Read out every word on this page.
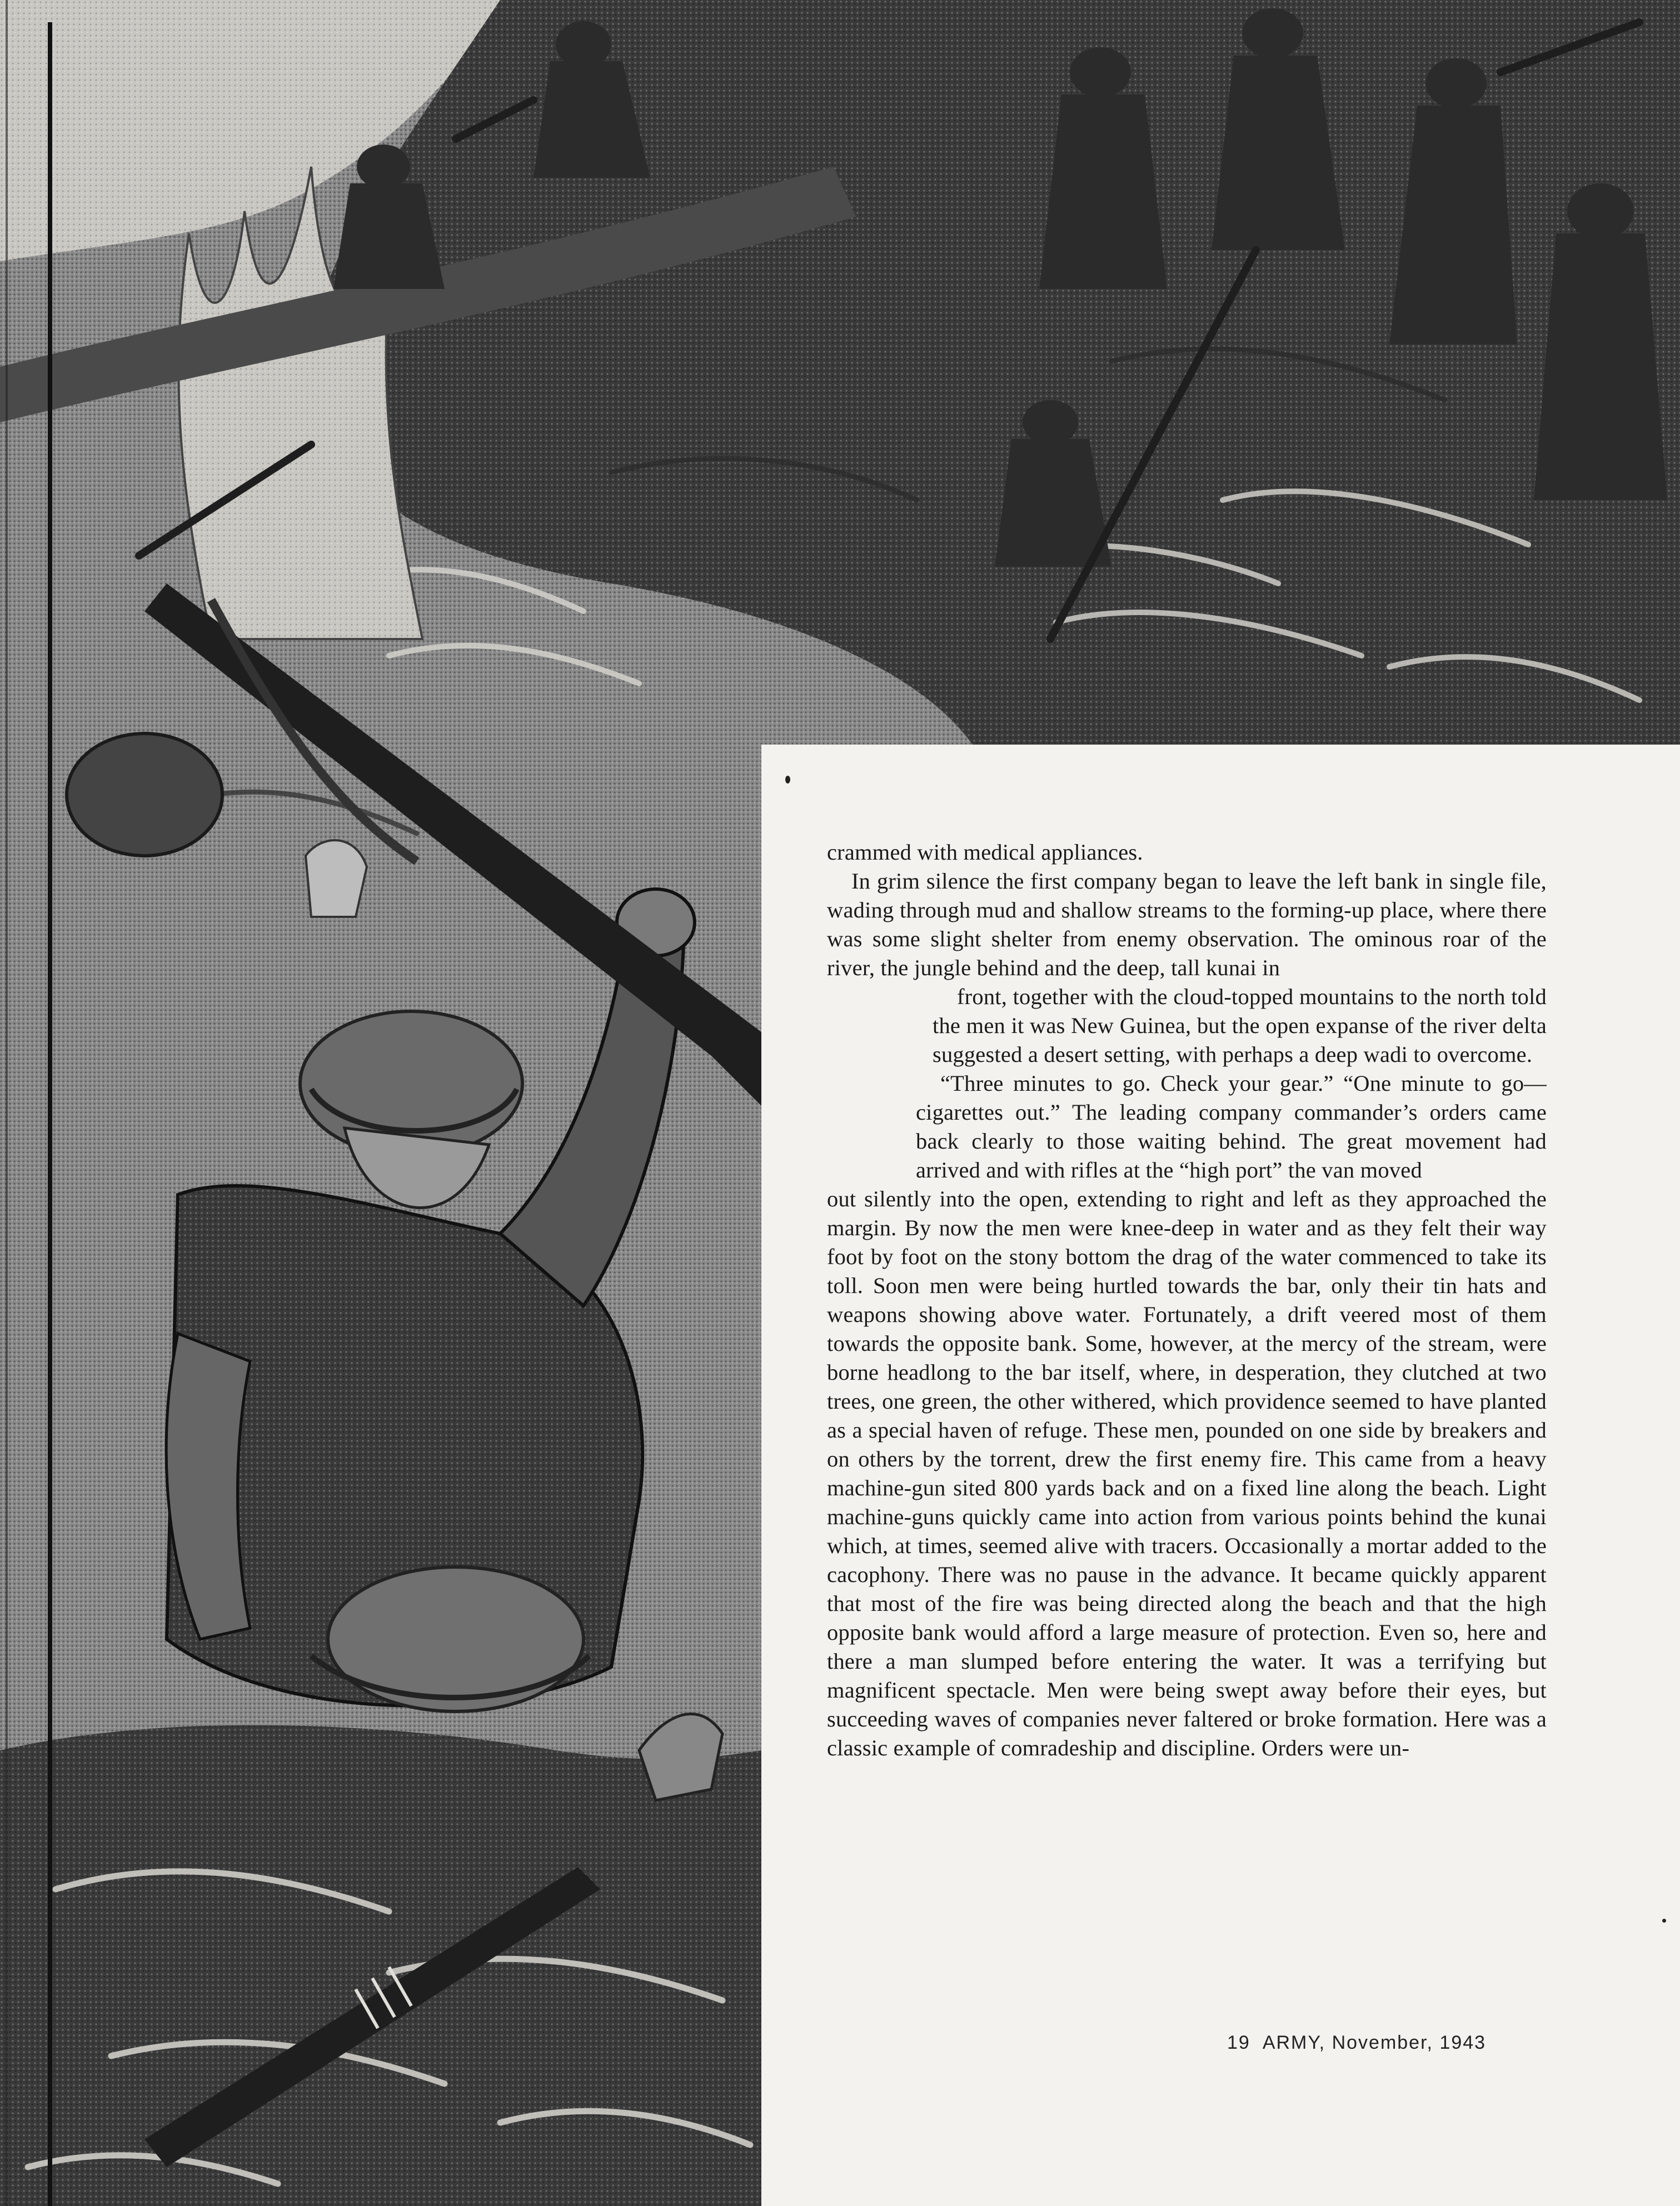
crammed with medical appliances.

In grim silence the first company began to leave the left bank in single file, wading through mud and shallow streams to the forming-up place, where there was some slight shelter from enemy observation. The ominous roar of the river, the jungle behind and the deep, tall kunai in
front, together with the cloud-topped mountains to the north told the men it was New Guinea, but the open expanse of the river delta suggested a desert setting, with perhaps a deep wadi to overcome.

“Three minutes to go. Check your gear.” “One minute to go—cigarettes out.” The leading company commander’s orders came back clearly to those waiting behind. The great movement had arrived and with rifles at the “high port” the van moved
out silently into the open, extending to right and left as they approached the margin. By now the men were knee-deep in water and as they felt their way foot by foot on the stony bottom the drag of the water commenced to take its toll. Soon men were being hurtled towards the bar, only their tin hats and weapons showing above water. Fortunately, a drift veered most of them towards the opposite bank. Some, however, at the mercy of the stream, were borne headlong to the bar itself, where, in desperation, they clutched at two trees, one green, the other withered, which providence seemed to have planted as a special haven of refuge. These men, pounded on one side by breakers and on others by the torrent, drew the first enemy fire. This came from a heavy machine-gun sited 800 yards back and on a fixed line along the beach. Light machine-guns quickly came into action from various points behind the kunai which, at times, seemed alive with tracers. Occasionally a mortar added to the cacophony. There was no pause in the advance. It became quickly apparent that most of the fire was being directed along the beach and that the high opposite bank would afford a large measure of protection. Even so, here and there a man slumped before entering the water. It was a terrifying but magnificent spectacle. Men were being swept away before their eyes, but succeeding waves of companies never faltered or broke formation. Here was a classic example of comradeship and discipline. Orders were un-

19 ARMY, November, 1943
